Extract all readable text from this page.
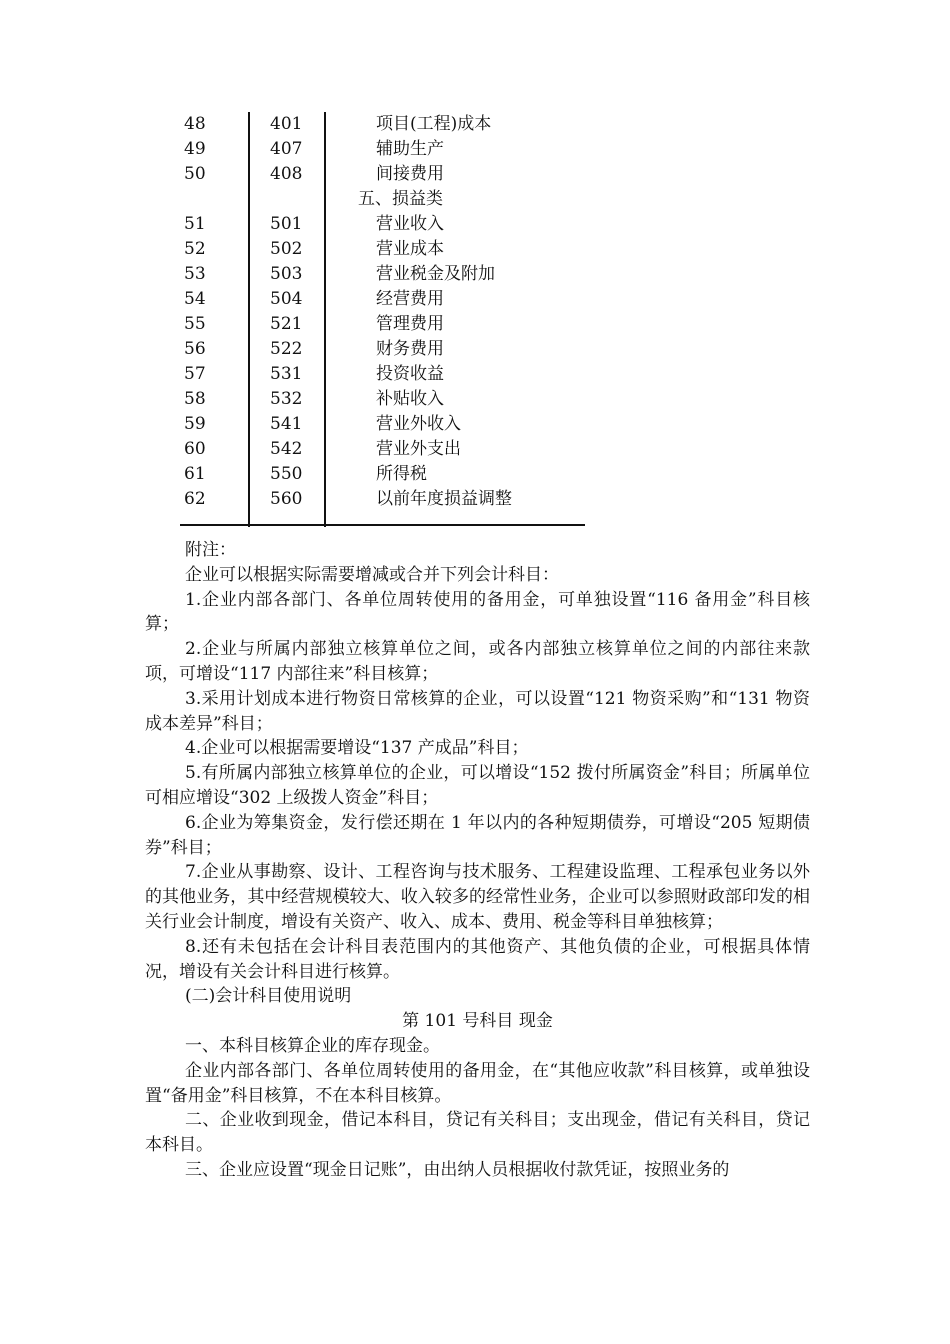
48	401	项目(工程)成本
49	407	辅助生产
50	408	间接费用
五、损益类
51	501	营业收入
52	502	营业成本
53	503	营业税金及附加
54	504	经营费用
55	521	管理费用
56	522	财务费用
57	531	投资收益
58	532	补贴收入
59	541	营业外收入
60	542	营业外支出
61	550	所得税
62	560	以前年度损益调整

附注：

企业可以根据实际需要增减或合并下列会计科目：

1.企业内部各部门、各单位周转使用的备用金，可单独设置“116 备用金”科目核算；

2.企业与所属内部独立核算单位之间，或各内部独立核算单位之间的内部往来款项，可增设“117 内部往来”科目核算；

3.采用计划成本进行物资日常核算的企业，可以设置“121 物资采购”和“131 物资成本差异”科目；

4.企业可以根据需要增设“137 产成品”科目；

5.有所属内部独立核算单位的企业，可以增设“152 拨付所属资金”科目；所属单位可相应增设“302 上级拨人资金”科目；

6.企业为筹集资金，发行偿还期在 1 年以内的各种短期债券，可增设“205 短期债券”科目；

7.企业从事勘察、设计、工程咨询与技术服务、工程建设监理、工程承包业务以外的其他业务，其中经营规模较大、收入较多的经常性业务，企业可以参照财政部印发的相关行业会计制度，增设有关资产、收入、成本、费用、税金等科目单独核算；

8.还有未包括在会计科目表范围内的其他资产、其他负债的企业，可根据具体情况，增设有关会计科目进行核算。

(二)会计科目使用说明

第 101 号科目 现金

一、本科目核算企业的库存现金。

企业内部各部门、各单位周转使用的备用金，在“其他应收款”科目核算，或单独设置“备用金”科目核算，不在本科目核算。

二、企业收到现金，借记本科目，贷记有关科目；支出现金，借记有关科目，贷记本科目。

三、企业应设置“现金日记账”，由出纳人员根据收付款凭证，按照业务的
